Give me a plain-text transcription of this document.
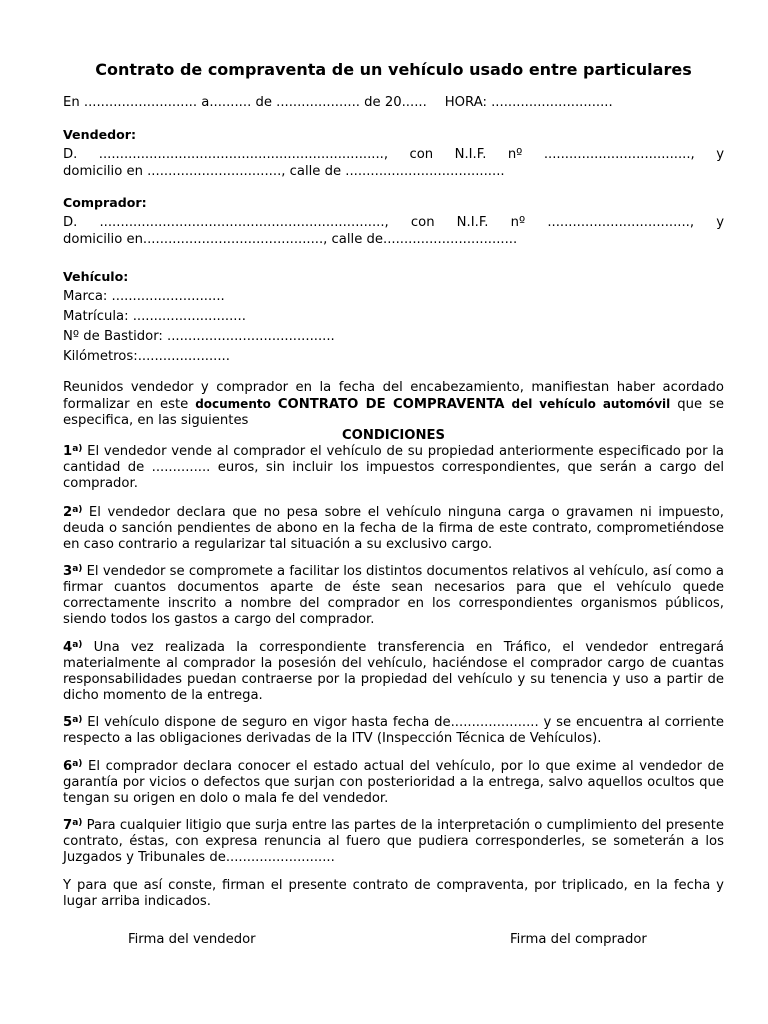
Contrato de compraventa de un vehículo usado entre particulares
En ........................... a.......... de .................... de 20...... HORA: .............................
Vendedor:
D. ...................................................................., con N.I.F. nº ..................................., y
domicilio en ................................, calle de ......................................
Comprador:
D. ...................................................................., con N.I.F. nº .................................., y
domicilio en..........................................., calle de................................
Vehículo:
Marca: ...........................
Matrícula: ...........................
Nº de Bastidor: ........................................
Kilómetros:......................
Reunidos vendedor y comprador en la fecha del encabezamiento, manifiestan haber acordado formalizar en este documento CONTRATO DE COMPRAVENTA del vehículo automóvil que se especifica, en las siguientes
CONDICIONES
1$^{a)}$ El vendedor vende al comprador el vehículo de su propiedad anteriormente especificado por la cantidad de .............. euros, sin incluir los impuestos correspondientes, que serán a cargo del comprador.
2$^{a)}$ El vendedor declara que no pesa sobre el vehículo ninguna carga o gravamen ni impuesto, deuda o sanción pendientes de abono en la fecha de la firma de este contrato, comprometiéndose en caso contrario a regularizar tal situación a su exclusivo cargo.
3$^{a)}$ El vendedor se compromete a facilitar los distintos documentos relativos al vehículo, así como a firmar cuantos documentos aparte de éste sean necesarios para que el vehículo quede correctamente inscrito a nombre del comprador en los correspondientes organismos públicos, siendo todos los gastos a cargo del comprador.
4$^{a)}$ Una vez realizada la correspondiente transferencia en Tráfico, el vendedor entregará materialmente al comprador la posesión del vehículo, haciéndose el comprador cargo de cuantas responsabilidades puedan contraerse por la propiedad del vehículo y su tenencia y uso a partir de dicho momento de la entrega.
5$^{a)}$ El vehículo dispone de seguro en vigor hasta fecha de..................... y se encuentra al corriente respecto a las obligaciones derivadas de la ITV (Inspección Técnica de Vehículos).
6$^{a)}$ El comprador declara conocer el estado actual del vehículo, por lo que exime al vendedor de garantía por vicios o defectos que surjan con posterioridad a la entrega, salvo aquellos ocultos que tengan su origen en dolo o mala fe del vendedor.
7$^{a)}$ Para cualquier litigio que surja entre las partes de la interpretación o cumplimiento del presente contrato, éstas, con expresa renuncia al fuero que pudiera corresponderles, se someterán a los Juzgados y Tribunales de..........................
Y para que así conste, firman el presente contrato de compraventa, por triplicado, en la fecha y lugar arriba indicados.
Firma del vendedor	Firma del comprador
